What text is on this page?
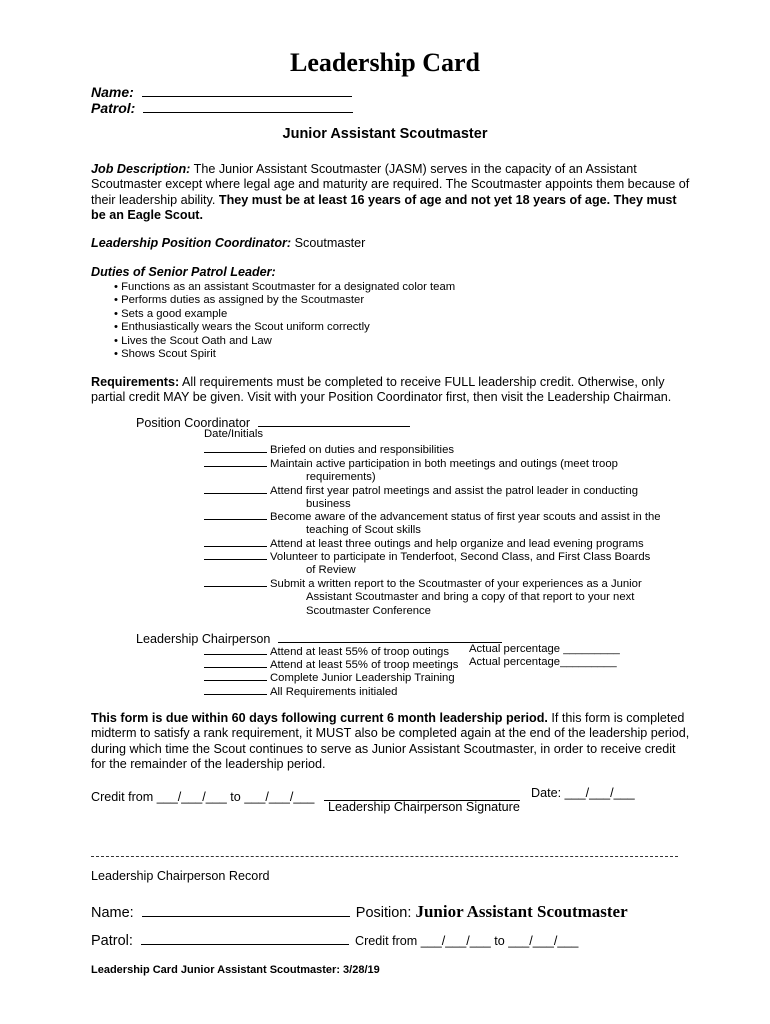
Leadership Card
Name:
Patrol:
Junior Assistant Scoutmaster
Job Description: The Junior Assistant Scoutmaster (JASM) serves in the capacity of an Assistant Scoutmaster except where legal age and maturity are required. The Scoutmaster appoints them because of their leadership ability. They must be at least 16 years of age and not yet 18 years of age. They must be an Eagle Scout.
Leadership Position Coordinator: Scoutmaster
Duties of Senior Patrol Leader:
• Functions as an assistant Scoutmaster for a designated color team
• Performs duties as assigned by the Scoutmaster
• Sets a good example
• Enthusiastically wears the Scout uniform correctly
• Lives the Scout Oath and Law
• Shows Scout Spirit
Requirements: All requirements must be completed to receive FULL leadership credit. Otherwise, only partial credit MAY be given. Visit with your Position Coordinator first, then visit the Leadership Chairman.
Position Coordinator
Date/Initials
Briefed on duties and responsibilities
Maintain active participation in both meetings and outings (meet troop
requirements)
Attend first year patrol meetings and assist the patrol leader in conducting
business
Become aware of the advancement status of first year scouts and assist in the
teaching of Scout skills
Attend at least three outings and help organize and lead evening programs
Volunteer to participate in Tenderfoot, Second Class, and First Class Boards
of Review
Submit a written report to the Scoutmaster of your experiences as a Junior
Assistant Scoutmaster and bring a copy of that report to your next
Scoutmaster Conference
Leadership Chairperson
Attend at least 55% of troop outings Actual percentage _________
Attend at least 55% of troop meetings Actual percentage_________
Complete Junior Leadership Training
All Requirements initialed
This form is due within 60 days following current 6 month leadership period. If this form is completed midterm to satisfy a rank requirement, it MUST also be completed again at the end of the leadership period, during which time the Scout continues to serve as Junior Assistant Scoutmaster, in order to receive credit for the remainder of the leadership period.
Credit from ___/___/___ to ___/___/___	Date: ___/___/___
Leadership Chairperson Signature
Leadership Chairperson Record
Name:	Position: Junior Assistant Scoutmaster
Patrol:	Credit from ___/___/___ to ___/___/___
Leadership Card Junior Assistant Scoutmaster: 3/28/19
